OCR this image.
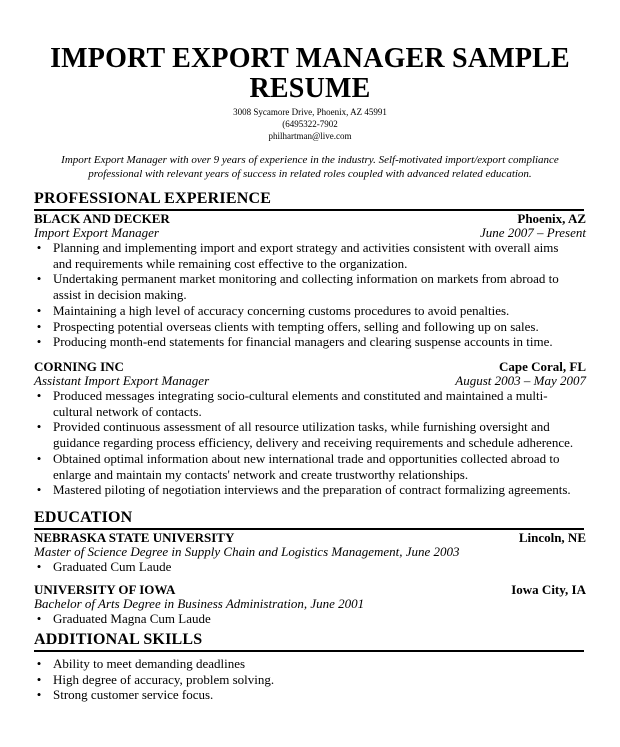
IMPORT EXPORT MANAGER SAMPLE
RESUME
3008 Sycamore Drive, Phoenix, AZ 45991
(6495322-7902
philhartman@live.com
Import Export Manager with over 9 years of experience in the industry. Self-motivated import/export compliance
professional with relevant years of success in related roles coupled with advanced related education.
PROFESSIONAL EXPERIENCE
BLACK AND DECKER	Phoenix, AZ
Import Export Manager	June 2007 – Present
• Planning and implementing import and export strategy and activities consistent with overall aims
and requirements while remaining cost effective to the organization.
• Undertaking permanent market monitoring and collecting information on markets from abroad to
assist in decision making.
• Maintaining a high level of accuracy concerning customs procedures to avoid penalties.
• Prospecting potential overseas clients with tempting offers, selling and following up on sales.
• Producing month-end statements for financial managers and clearing suspense accounts in time.
CORNING INC	Cape Coral, FL
Assistant Import Export Manager	August 2003 – May 2007
• Produced messages integrating socio-cultural elements and constituted and maintained a multi-
cultural network of contacts.
• Provided continuous assessment of all resource utilization tasks, while furnishing oversight and
guidance regarding process efficiency, delivery and receiving requirements and schedule adherence.
• Obtained optimal information about new international trade and opportunities collected abroad to
enlarge and maintain my contacts' network and create trustworthy relationships.
• Mastered piloting of negotiation interviews and the preparation of contract formalizing agreements.
EDUCATION
NEBRASKA STATE UNIVERSITY	Lincoln, NE
Master of Science Degree in Supply Chain and Logistics Management, June 2003
• Graduated Cum Laude
UNIVERSITY OF IOWA	Iowa City, IA
Bachelor of Arts Degree in Business Administration, June 2001
• Graduated Magna Cum Laude
ADDITIONAL SKILLS
• Ability to meet demanding deadlines
• High degree of accuracy, problem solving.
• Strong customer service focus.
